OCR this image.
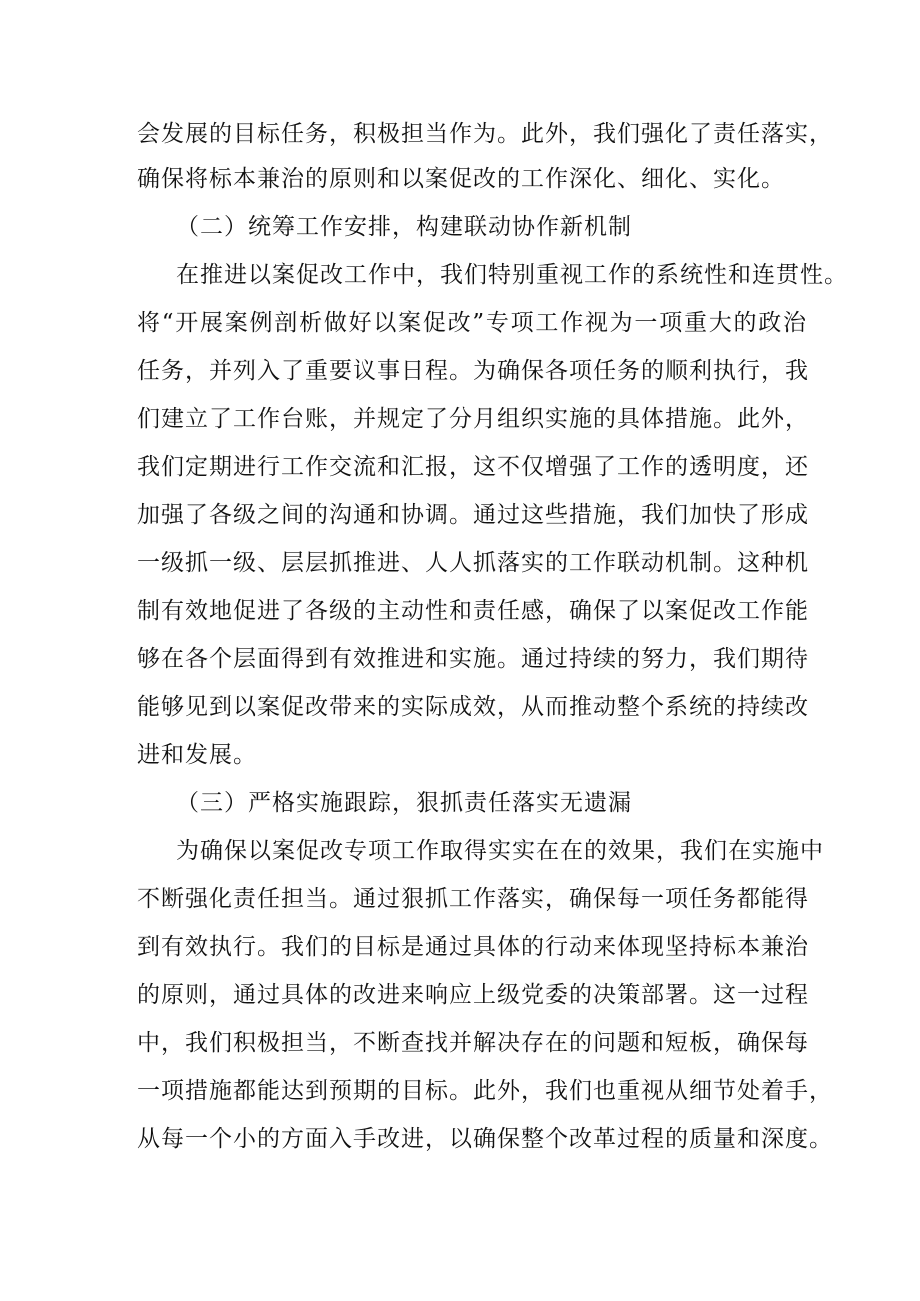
会发展的目标任务，积极担当作为。此外，我们强化了责任落实，
确保将标本兼治的原则和以案促改的工作深化、细化、实化。
（二）统筹工作安排，构建联动协作新机制
在推进以案促改工作中，我们特别重视工作的系统性和连贯性。
将“开展案例剖析做好以案促改”专项工作视为一项重大的政治
任务，并列入了重要议事日程。为确保各项任务的顺利执行，我
们建立了工作台账，并规定了分月组织实施的具体措施。此外，
我们定期进行工作交流和汇报，这不仅增强了工作的透明度，还
加强了各级之间的沟通和协调。通过这些措施，我们加快了形成
一级抓一级、层层抓推进、人人抓落实的工作联动机制。这种机
制有效地促进了各级的主动性和责任感，确保了以案促改工作能
够在各个层面得到有效推进和实施。通过持续的努力，我们期待
能够见到以案促改带来的实际成效，从而推动整个系统的持续改
进和发展。
（三）严格实施跟踪，狠抓责任落实无遗漏
为确保以案促改专项工作取得实实在在的效果，我们在实施中
不断强化责任担当。通过狠抓工作落实，确保每一项任务都能得
到有效执行。我们的目标是通过具体的行动来体现坚持标本兼治
的原则，通过具体的改进来响应上级党委的决策部署。这一过程
中，我们积极担当，不断查找并解决存在的问题和短板，确保每
一项措施都能达到预期的目标。此外，我们也重视从细节处着手，
从每一个小的方面入手改进，以确保整个改革过程的质量和深度。
